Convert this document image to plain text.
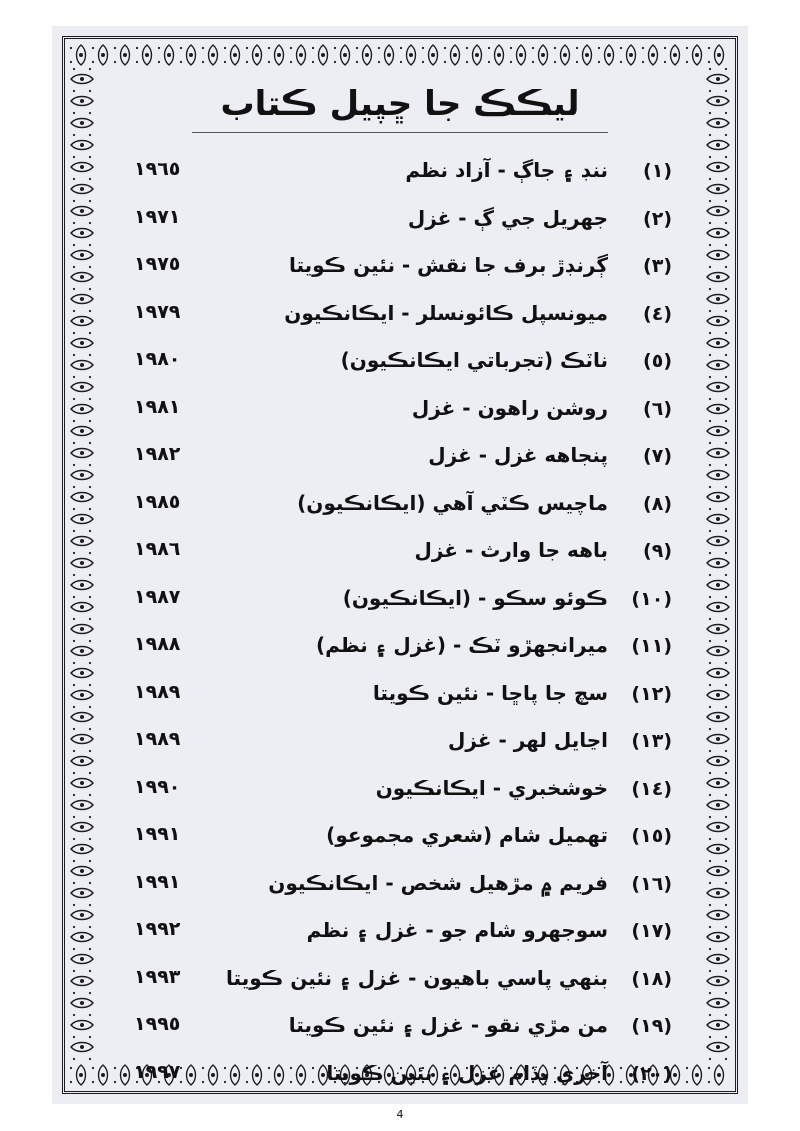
ليڪڪ جا ڇپيل ڪتاب
(١)
ننڊ ۽ جاڳ - آزاد نظم
١٩٦٥
(٢)
جهريل جي ڳ - غزل
١٩٧١
(٣)
ڳرنڊڙ برف جا نقش - نئين ڪويتا
١٩٧٥
(٤)
ميونسپل ڪائونسلر - ايڪانڪيون
١٩٧٩
(٥)
ناٽڪ (تجرباتي ايڪانڪيون)
١٩٨٠
(٦)
روشن راهون - غزل
١٩٨١
(٧)
پنجاهه غزل - غزل
١٩٨٢
(٨)
ماچيس ڪٽي آهي (ايڪانڪيون)
١٩٨٥
(٩)
باهه جا وارث - غزل
١٩٨٦
(١٠)
ڪوئو سڪو - (ايڪانڪيون)
١٩٨٧
(١١)
ميرانجهڙو ٽڪ - (غزل ۽ نظم)
١٩٨٨
(١٢)
سچ جا پاڇا - نئين ڪويتا
١٩٨٩
(١٣)
اڃايل لهر - غزل
١٩٨٩
(١٤)
خوشخبري - ايڪانڪيون
١٩٩٠
(١٥)
تهميل شام (شعري مجموعو)
١٩٩١
(١٦)
فريم ۾ مڙهيل شخص - ايڪانڪيون
١٩٩١
(١٧)
سوجهرو شام جو - غزل ۽ نظم
١٩٩٢
(١٨)
بنهي پاسي باهيون - غزل ۽ نئين ڪويتا
١٩٩٣
(١٩)
من مڙي نقو - غزل ۽ نئين ڪويتا
١٩٩٥
(٢٠)
آخري ٻڏام غزل ۽ نئين ڪويتا
١٩٩٧
4
